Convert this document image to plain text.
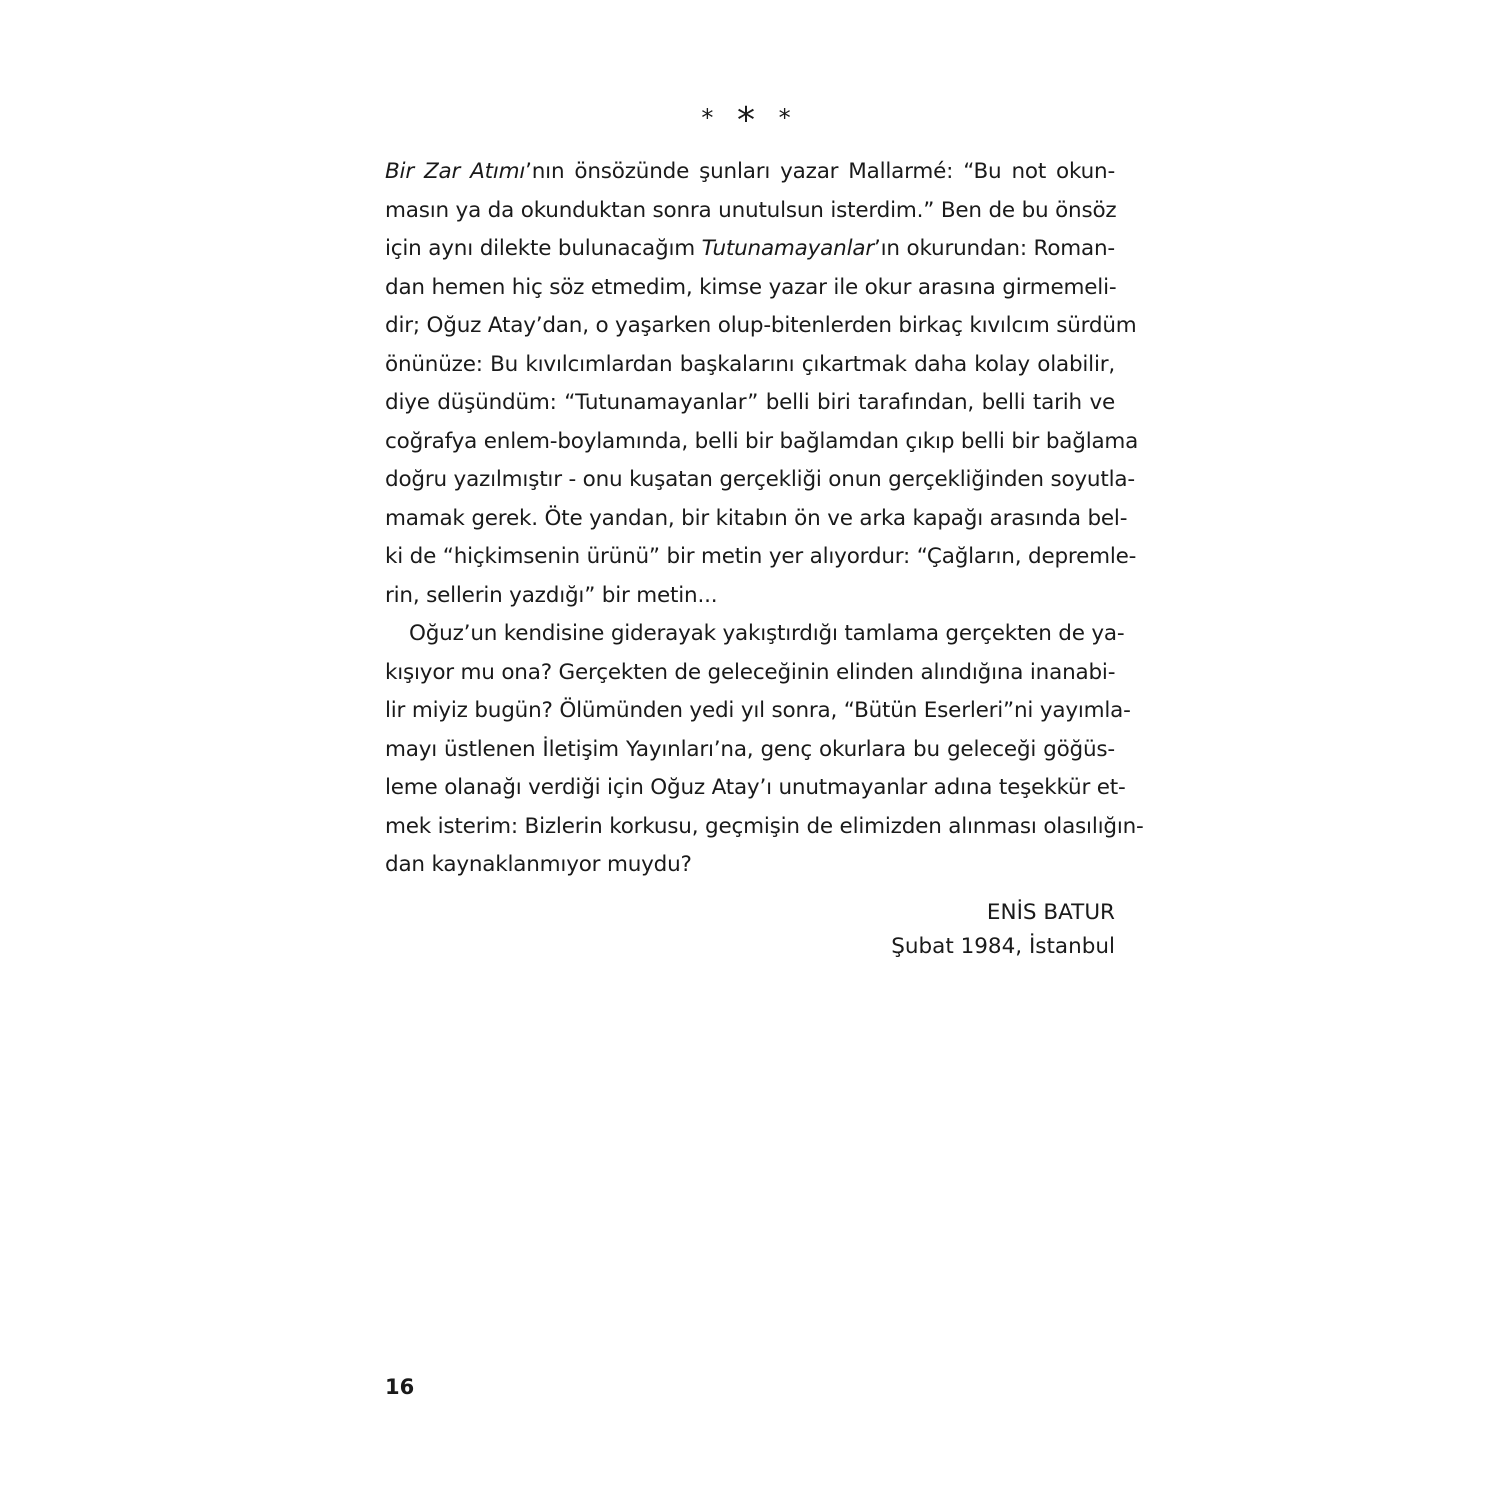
* * *
Bir Zar Atımı’nın önsözünde şunları yazar Mallarmé: “Bu not okun-
masın ya da okunduktan sonra unutulsun isterdim.” Ben de bu önsöz
için aynı dilekte bulunacağım Tutunamayanlar’ın okurundan: Roman-
dan hemen hiç söz etmedim, kimse yazar ile okur arasına girmemeli-
dir; Oğuz Atay’dan, o yaşarken olup-bitenlerden birkaç kıvılcım sürdüm
önünüze: Bu kıvılcımlardan başkalarını çıkartmak daha kolay olabilir,
diye düşündüm: “Tutunamayanlar” belli biri tarafından, belli tarih ve
coğrafya enlem-boylamında, belli bir bağlamdan çıkıp belli bir bağlama
doğru yazılmıştır - onu kuşatan gerçekliği onun gerçekliğinden soyutla-
mamak gerek. Öte yandan, bir kitabın ön ve arka kapağı arasında bel-
ki de “hiçkimsenin ürünü” bir metin yer alıyordur: “Çağların, depremle-
rin, sellerin yazdığı” bir metin...
Oğuz’un kendisine giderayak yakıştırdığı tamlama gerçekten de ya-
kışıyor mu ona? Gerçekten de geleceğinin elinden alındığına inanabi-
lir miyiz bugün? Ölümünden yedi yıl sonra, “Bütün Eserleri”ni yayımla-
mayı üstlenen İletişim Yayınları’na, genç okurlara bu geleceği göğüs-
leme olanağı verdiği için Oğuz Atay’ı unutmayanlar adına teşekkür et-
mek isterim: Bizlerin korkusu, geçmişin de elimizden alınması olasılığın-
dan kaynaklanmıyor muydu?
ENİS BATUR
Şubat 1984, İstanbul
16
